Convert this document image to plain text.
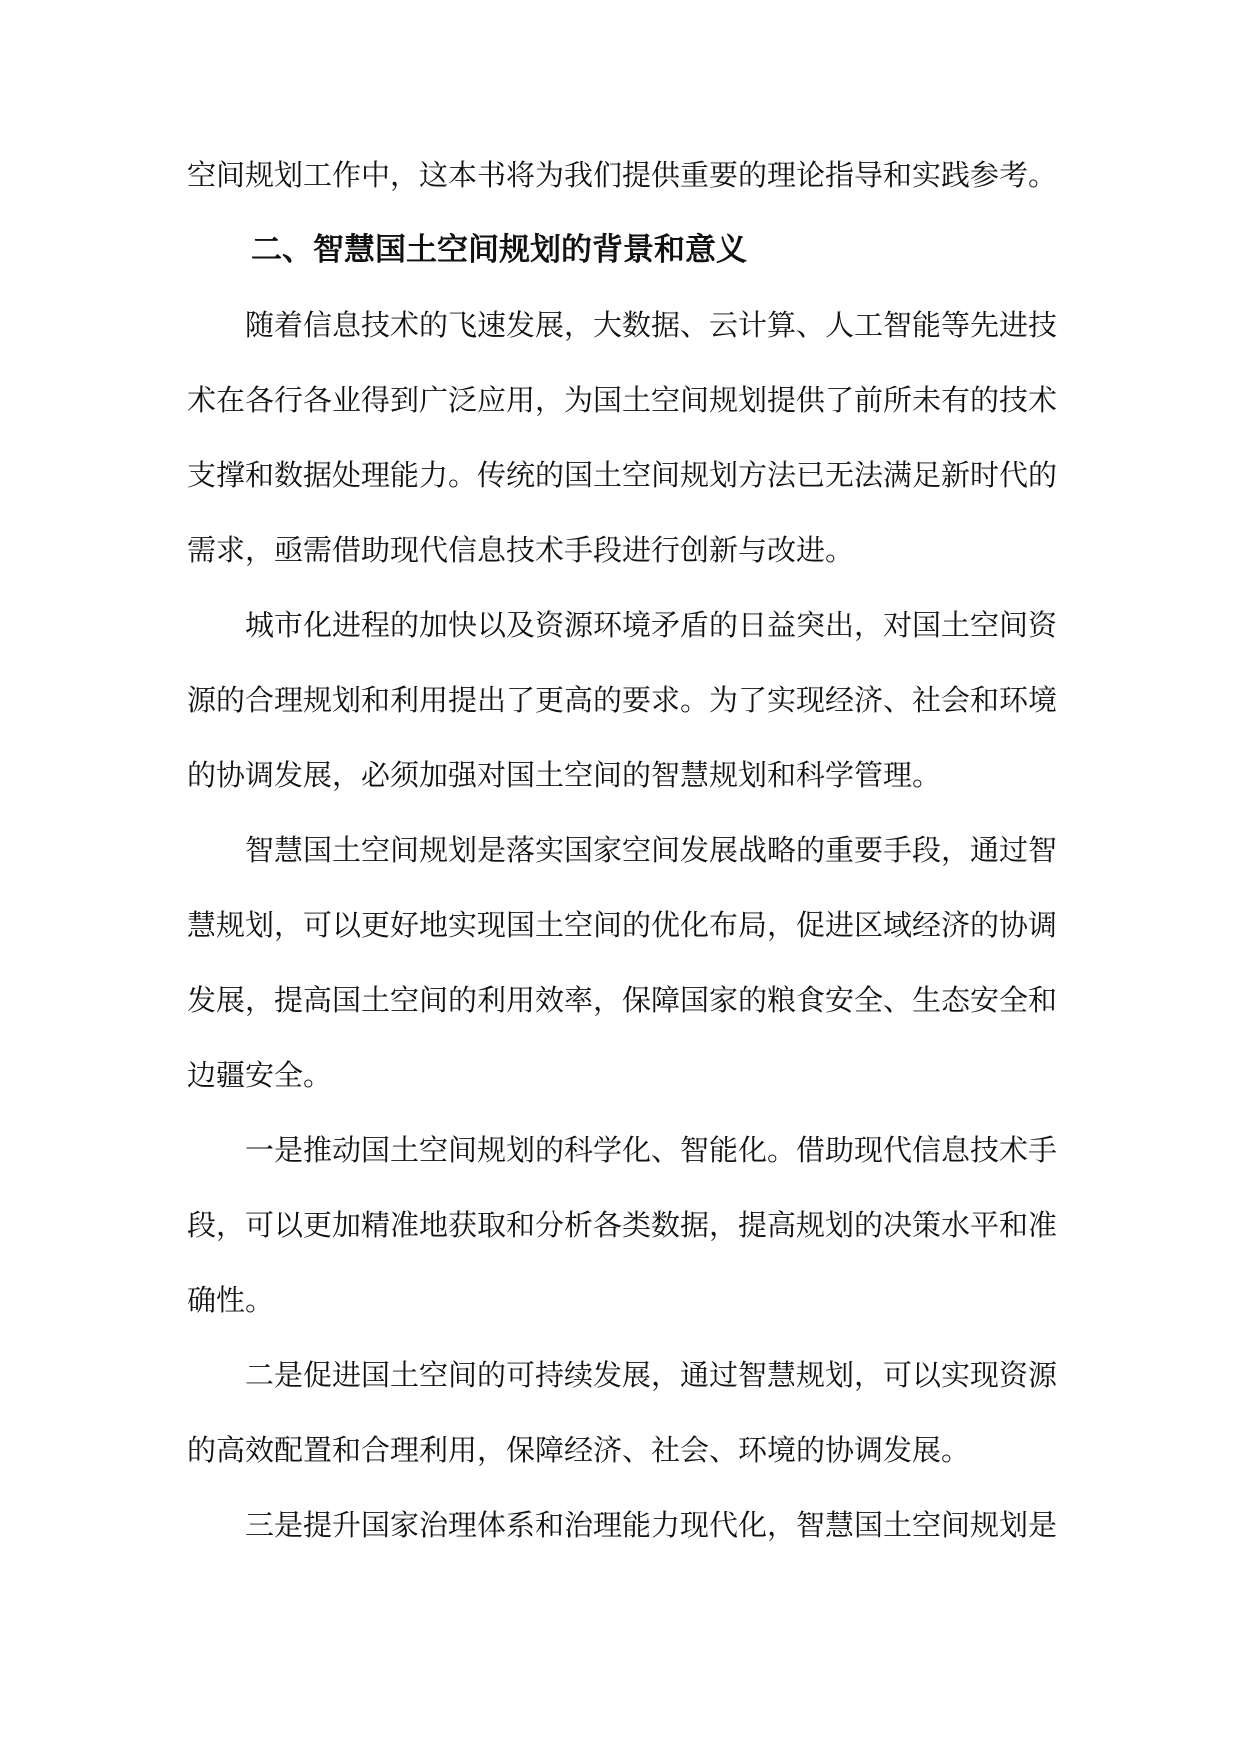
空间规划工作中，这本书将为我们提供重要的理论指导和实践参考。

二、智慧国土空间规划的背景和意义

随着信息技术的飞速发展，大数据、云计算、人工智能等先进技

术在各行各业得到广泛应用，为国土空间规划提供了前所未有的技术

支撑和数据处理能力。传统的国土空间规划方法已无法满足新时代的

需求，亟需借助现代信息技术手段进行创新与改进。

城市化进程的加快以及资源环境矛盾的日益突出，对国土空间资

源的合理规划和利用提出了更高的要求。为了实现经济、社会和环境

的协调发展，必须加强对国土空间的智慧规划和科学管理。

智慧国土空间规划是落实国家空间发展战略的重要手段，通过智

慧规划，可以更好地实现国土空间的优化布局，促进区域经济的协调

发展，提高国土空间的利用效率，保障国家的粮食安全、生态安全和

边疆安全。

一是推动国土空间规划的科学化、智能化。借助现代信息技术手

段，可以更加精准地获取和分析各类数据，提高规划的决策水平和准

确性。

二是促进国土空间的可持续发展，通过智慧规划，可以实现资源

的高效配置和合理利用，保障经济、社会、环境的协调发展。

三是提升国家治理体系和治理能力现代化，智慧国土空间规划是
